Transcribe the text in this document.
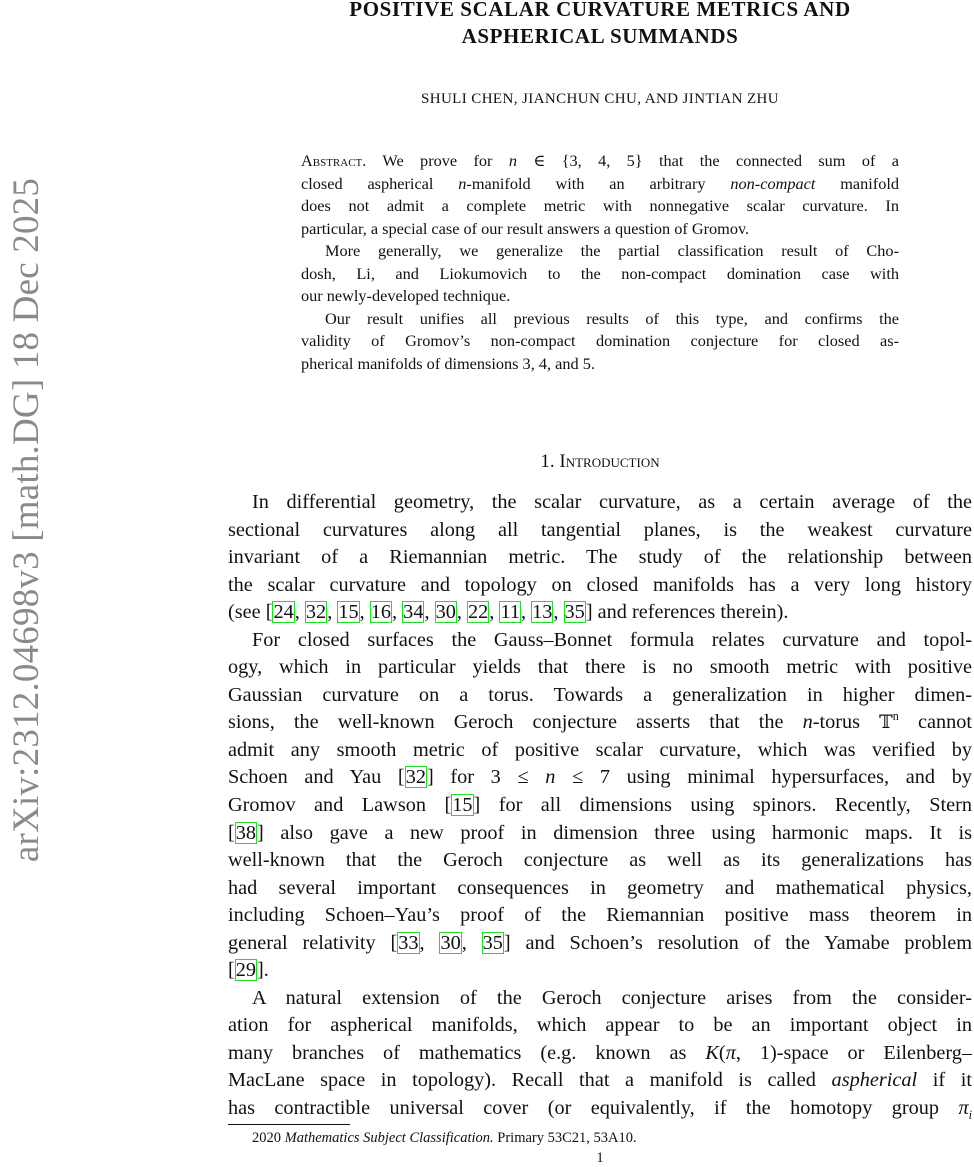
arXiv:2312.04698v3 [math.DG] 18 Dec 2025
POSITIVE SCALAR CURVATURE METRICS AND
ASPHERICAL SUMMANDS
SHULI CHEN, JIANCHUN CHU, AND JINTIAN ZHU
Abstract. We prove for n ∈ {3, 4, 5} that the connected sum of a
closed aspherical n-manifold with an arbitrary non-compact manifold
does not admit a complete metric with nonnegative scalar curvature. In
particular, a special case of our result answers a question of Gromov.
More generally, we generalize the partial classification result of Cho-
dosh, Li, and Liokumovich to the non-compact domination case with
our newly-developed technique.
Our result unifies all previous results of this type, and confirms the
validity of Gromov’s non-compact domination conjecture for closed as-
pherical manifolds of dimensions 3, 4, and 5.
1. Introduction
In differential geometry, the scalar curvature, as a certain average of the
sectional curvatures along all tangential planes, is the weakest curvature
invariant of a Riemannian metric. The study of the relationship between
the scalar curvature and topology on closed manifolds has a very long history
(see [24, 32, 15, 16, 34, 30, 22, 11, 13, 35] and references therein).
For closed surfaces the Gauss–Bonnet formula relates curvature and topol-
ogy, which in particular yields that there is no smooth metric with positive
Gaussian curvature on a torus. Towards a generalization in higher dimen-
sions, the well-known Geroch conjecture asserts that the n-torus 𝕋$^n$ cannot
admit any smooth metric of positive scalar curvature, which was verified by
Schoen and Yau [32] for 3 ≤ n ≤ 7 using minimal hypersurfaces, and by
Gromov and Lawson [15] for all dimensions using spinors. Recently, Stern
[38] also gave a new proof in dimension three using harmonic maps. It is
well-known that the Geroch conjecture as well as its generalizations has
had several important consequences in geometry and mathematical physics,
including Schoen–Yau’s proof of the Riemannian positive mass theorem in
general relativity [33, 30, 35] and Schoen’s resolution of the Yamabe problem
[29].
A natural extension of the Geroch conjecture arises from the consider-
ation for aspherical manifolds, which appear to be an important object in
many branches of mathematics (e.g. known as K(π, 1)-space or Eilenberg–
MacLane space in topology). Recall that a manifold is called aspherical if it
has contractible universal cover (or equivalently, if the homotopy group $\pi_i$
2020 Mathematics Subject Classification. Primary 53C21, 53A10.
1
